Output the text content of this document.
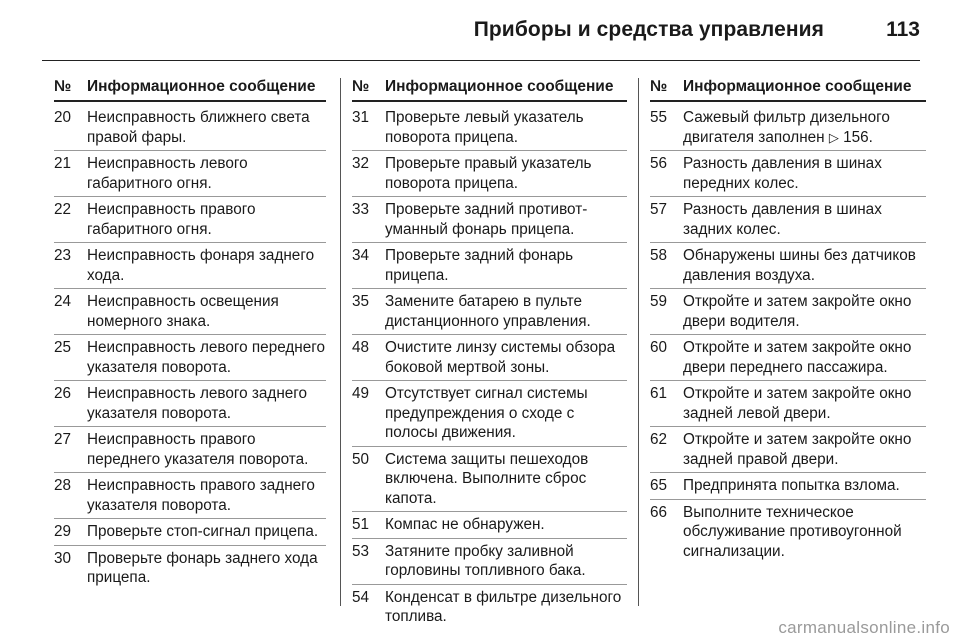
Приборы и средства управления	113
№	Информационное сообщение
20	Неисправность ближнего света правой фары.
21	Неисправность левого габаритного огня.
22	Неисправность правого габаритного огня.
23	Неисправность фонаря заднего хода.
24	Неисправность освещения номерного знака.
25	Неисправность левого переднего указателя поворота.
26	Неисправность левого заднего указателя поворота.
27	Неисправность правого переднего указателя поворота.
28	Неисправность правого заднего указателя поворота.
29	Проверьте стоп-сигнал прицепа.
30	Проверьте фонарь заднего хода прицепа.
№	Информационное сообщение
31	Проверьте левый указатель поворота прицепа.
32	Проверьте правый указатель поворота прицепа.
33	Проверьте задний противотуманный фонарь прицепа.
34	Проверьте задний фонарь прицепа.
35	Замените батарею в пульте дистанционного управления.
48	Очистите линзу системы обзора боковой мертвой зоны.
49	Отсутствует сигнал системы предупреждения о сходе с полосы движения.
50	Система защиты пешеходов включена. Выполните сброс капота.
51	Компас не обнаружен.
53	Затяните пробку заливной горловины топливного бака.
54	Конденсат в фильтре дизельного топлива.
№	Информационное сообщение
55	Сажевый фильтр дизельного двигателя заполнен ▷ 156.
56	Разность давления в шинах передних колес.
57	Разность давления в шинах задних колес.
58	Обнаружены шины без датчиков давления воздуха.
59	Откройте и затем закройте окно двери водителя.
60	Откройте и затем закройте окно двери переднего пассажира.
61	Откройте и затем закройте окно задней левой двери.
62	Откройте и затем закройте окно задней правой двери.
65	Предпринята попытка взлома.
66	Выполните техническое обслуживание противоугонной сигнализации.
carmanualsonline.info
